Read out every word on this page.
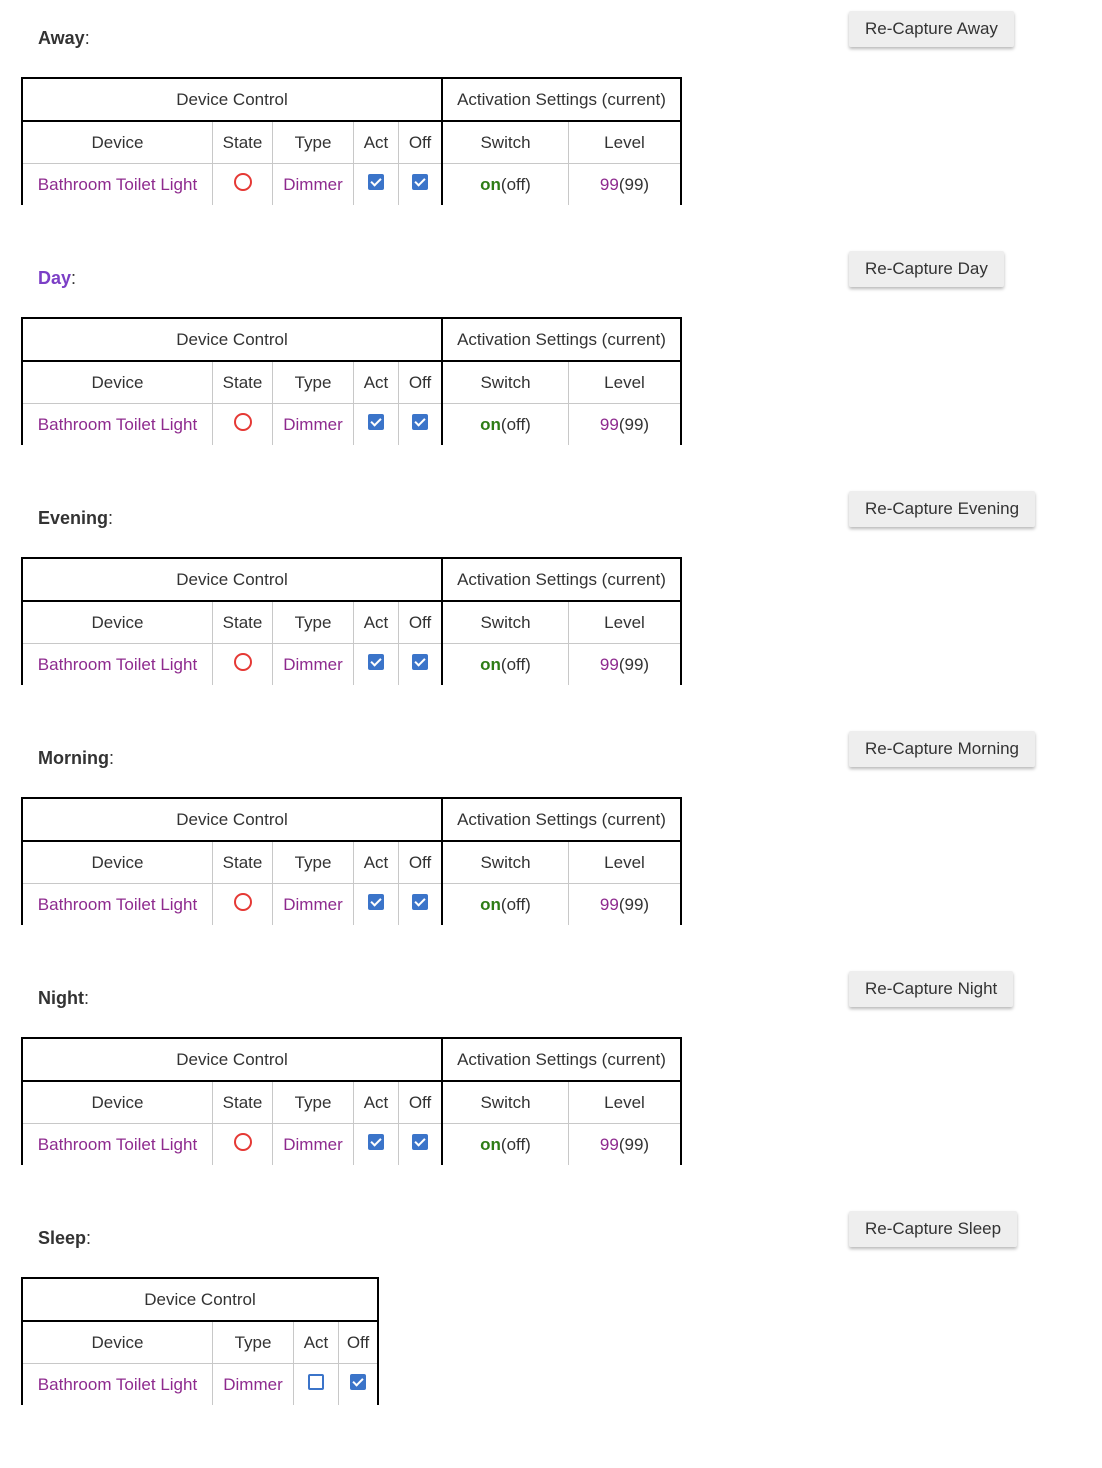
Away:	Re-Capture Away
Device Control					Activation Settings (current)	
Device	State	Type	Act	Off	Switch	Level
Bathroom Toilet Light		Dimmer			on(off)	99(99)
Day:	Re-Capture Day
Device Control					Activation Settings (current)	
Device	State	Type	Act	Off	Switch	Level
Bathroom Toilet Light		Dimmer			on(off)	99(99)
Evening:	Re-Capture Evening
Device Control					Activation Settings (current)	
Device	State	Type	Act	Off	Switch	Level
Bathroom Toilet Light		Dimmer			on(off)	99(99)
Morning:	Re-Capture Morning
Device Control					Activation Settings (current)	
Device	State	Type	Act	Off	Switch	Level
Bathroom Toilet Light		Dimmer			on(off)	99(99)
Night:	Re-Capture Night
Device Control					Activation Settings (current)	
Device	State	Type	Act	Off	Switch	Level
Bathroom Toilet Light		Dimmer			on(off)	99(99)
Sleep:	Re-Capture Sleep
Device Control			
Device	Type	Act	Off
Bathroom Toilet Light	Dimmer		
